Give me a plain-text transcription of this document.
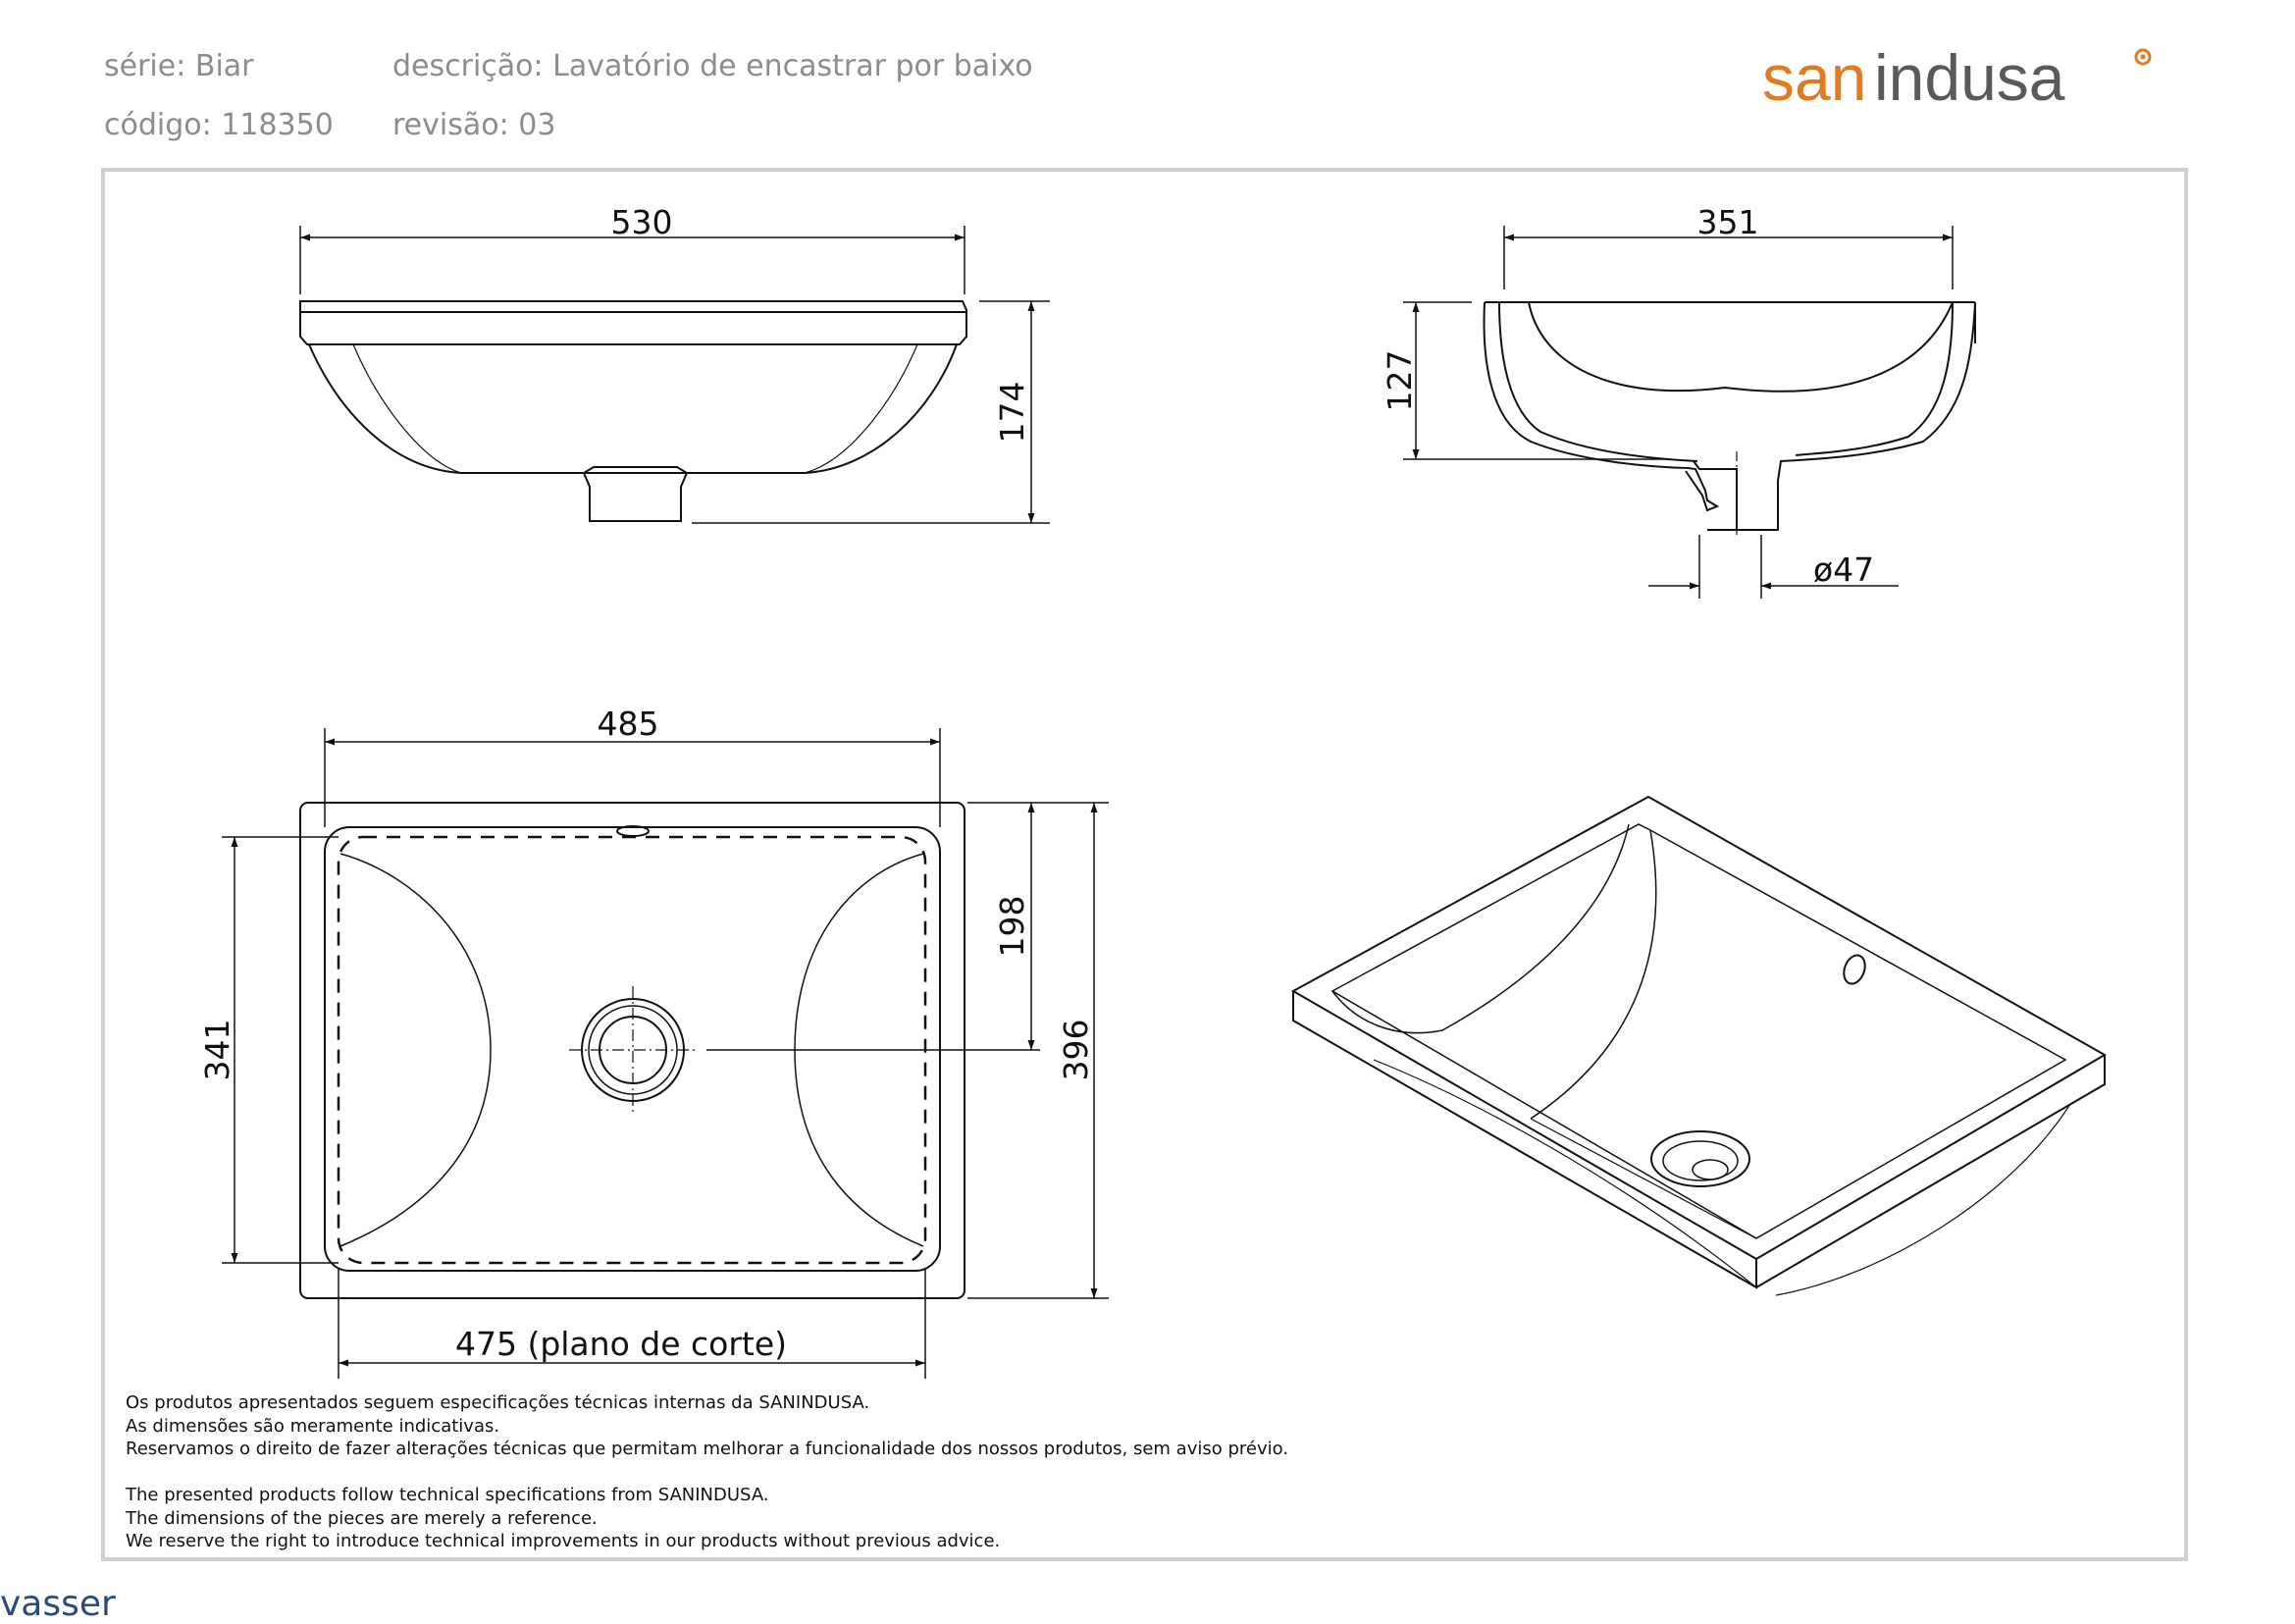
série: Biar
código: 118350
descrição: Lavatório de encastrar por baixo
revisão: 03
san indusa
530
174
351
127
ø47
485
341
198
396
475 (plano de corte)
Os produtos apresentados seguem especificações técnicas internas da SANINDUSA.
As dimensões são meramente indicativas.
Reservamos o direito de fazer alterações técnicas que permitam melhorar a funcionalidade dos nossos produtos, sem aviso prévio.
The presented products follow technical specifications from SANINDUSA.
The dimensions of the pieces are merely a reference.
We reserve the right to introduce technical improvements in our products without previous advice.
vasser
